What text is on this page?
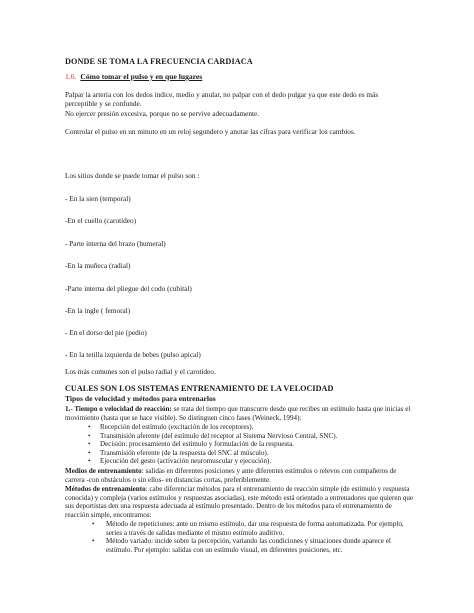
DONDE SE TOMA LA FRECUENCIA CARDIACA
1.6. Cómo tomar el pulso y en que lugares
Palpar la arteria con los dedos índice, medio y anular, no palpar con el dedo pulgar ya que este dedo es más
perceptible y se confunde.
No ejercer presión excesiva, porque no se pervive adecuadamente.
Controlar el pulso en un minuto en un reloj segundero y anotar las cifras para verificar los cambios.
Los sitios donde se puede tomar el pulso son :
- En la sien (temporal)
-En el cuello (carotídeo)
- Parte interna del brazo (humeral)
-En la muñeca (radial)
-Parte interna del pliegue del codo (cubital)
-En la ingle ( femoral)
- En el dorso del pie (pedio)
- En la tetilla izquierda de bebes (pulso apical)
Los más comunes son el pulso radial y el carotídeo.
CUALES SON LOS SISTEMAS ENTRENAMIENTO DE LA VELOCIDAD
Tipos de velocidad y métodos para entrenarlos
1.- Tiempo o velocidad de reacción: se trata del tiempo que transcurre desde que recibes un estímulo hasta que inicias el movimiento (hasta que se hace visible). Se distinguen cinco fases (Weineck, 1994):
• Recepción del estímulo (excitación de los receptores).
• Transmisión aferente (del estímulo del receptor al Sistema Nervioso Central, SNC).
• Decisión: procesamiento del estímulo y formulación de la respuesta.
• Transmisión eferente (de la respuesta del SNC al músculo).
• Ejecución del gesto (activación neuromuscular y ejecución).
Medios de entrenamiento: salidas en diferentes posiciones y ante diferentes estímulos o relevos con compañeros de carrera -con obstáculos o sin ellos- en distancias cortas, preferiblemente.
Métodos de entrenamiento: cabe diferenciar métodos para el entrenamiento de reacción simple (de estímulo y respuesta conocida) y compleja (varios estímulos y respuestas asociadas), este método está orientado a entrenadores que quieren que sus deportistas den una respuesta adecuada al estímulo presentado. Dentro de los métodos para el entrenamiento de reacción simple, encontramos:
• Método de repeticiones: ante un mismo estímulo, dar una respuesta de forma automatizada. Por ejemplo, series a través de salidas mediante el mismo estímulo auditivo.
• Método variado: incide sobre la percepción, variando las condiciones y situaciones donde aparece el estímulo. Por ejemplo: salidas con un estímulo visual, en diferentes posiciones, etc.
